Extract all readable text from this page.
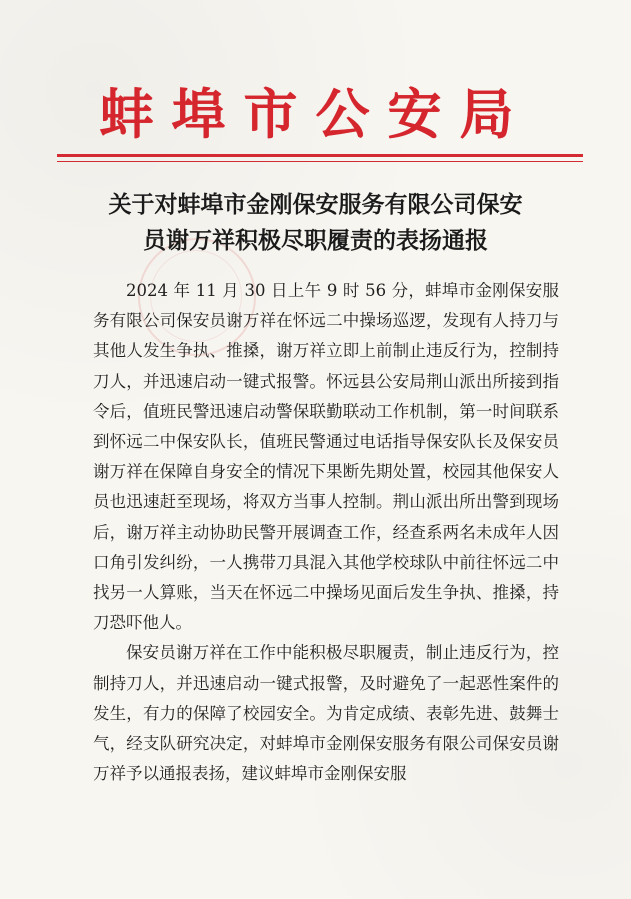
蚌埠市公安局
关于对蚌埠市金刚保安服务有限公司保安
员谢万祥积极尽职履责的表扬通报

2024 年 11 月 30 日上午 9 时 56 分，蚌埠市金刚保安服务有限公司保安员谢万祥在怀远二中操场巡逻，发现有人持刀与其他人发生争执、推搡，谢万祥立即上前制止违反行为，控制持刀人，并迅速启动一键式报警。怀远县公安局荆山派出所接到指令后，值班民警迅速启动警保联勤联动工作机制，第一时间联系到怀远二中保安队长，值班民警通过电话指导保安队长及保安员谢万祥在保障自身安全的情况下果断先期处置，校园其他保安人员也迅速赶至现场，将双方当事人控制。荆山派出所出警到现场后，谢万祥主动协助民警开展调查工作，经查系两名未成年人因口角引发纠纷，一人携带刀具混入其他学校球队中前往怀远二中找另一人算账，当天在怀远二中操场见面后发生争执、推搡，持刀恐吓他人。

保安员谢万祥在工作中能积极尽职履责，制止违反行为，控制持刀人，并迅速启动一键式报警，及时避免了一起恶性案件的发生，有力的保障了校园安全。为肯定成绩、表彰先进、鼓舞士气，经支队研究决定，对蚌埠市金刚保安服务有限公司保安员谢万祥予以通报表扬，建议蚌埠市金刚保安服
